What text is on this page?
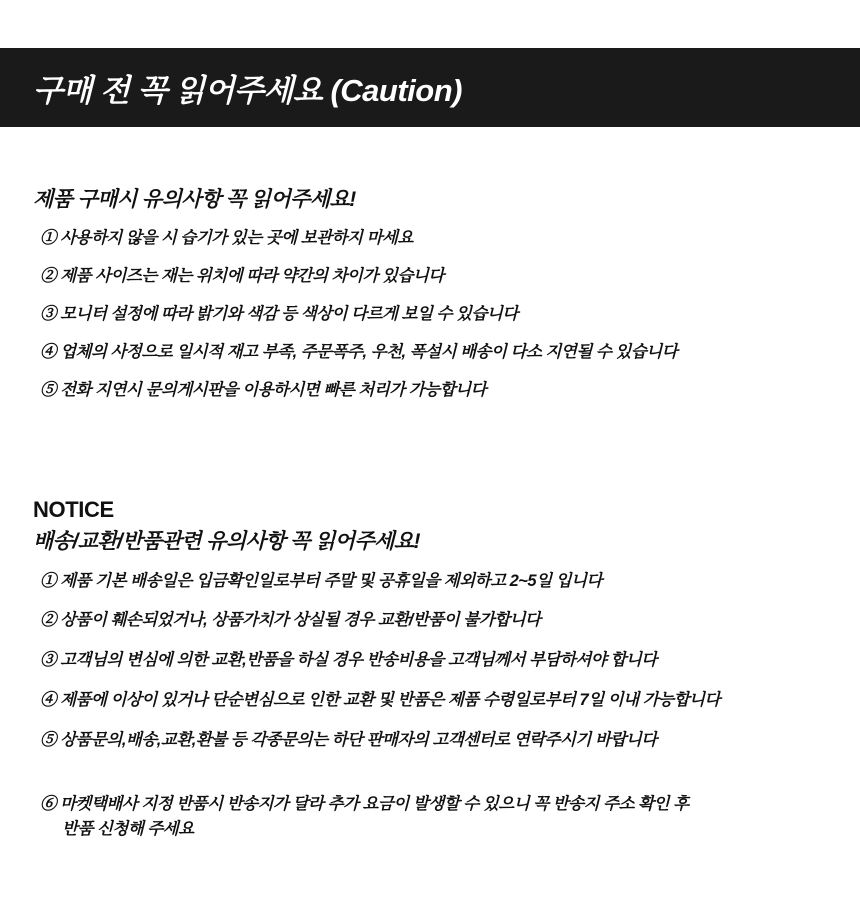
구매 전 꼭 읽어주세요 (Caution)
제품 구매시 유의사항 꼭 읽어주세요!
① 사용하지 않을 시 습기가 있는 곳에 보관하지 마세요
② 제품 사이즈는 재는 위치에 따라 약간의 차이가 있습니다
③ 모니터 설정에 따라 밝기와 색감 등 색상이 다르게 보일 수 있습니다
④ 업체의 사정으로 일시적 재고 부족, 주문폭주, 우천, 폭설시 배송이 다소 지연될 수 있습니다
⑤ 전화 지연시 문의게시판을 이용하시면 빠른 처리가 가능합니다
NOTICE
배송/교환/반품관련 유의사항 꼭 읽어주세요!
① 제품 기본 배송일은 입금확인일로부터 주말 및 공휴일을 제외하고 2~5일 입니다
② 상품이 훼손되었거나, 상품가치가 상실될 경우 교환/반품이 불가합니다
③ 고객님의 변심에 의한 교환,반품을 하실 경우 반송비용을 고객님께서 부담하셔야 합니다
④ 제품에 이상이 있거나 단순변심으로 인한 교환 및 반품은 제품 수령일로부터 7일 이내 가능합니다
⑤ 상품문의,배송,교환,환불 등 각종문의는 하단 판매자의 고객센터로 연락주시기 바랍니다

⑥ 마켓택배사 지정 반품시 반송지가 달라 추가 요금이 발생할 수 있으니 꼭 반송지 주소 확인 후

반품 신청해 주세요
